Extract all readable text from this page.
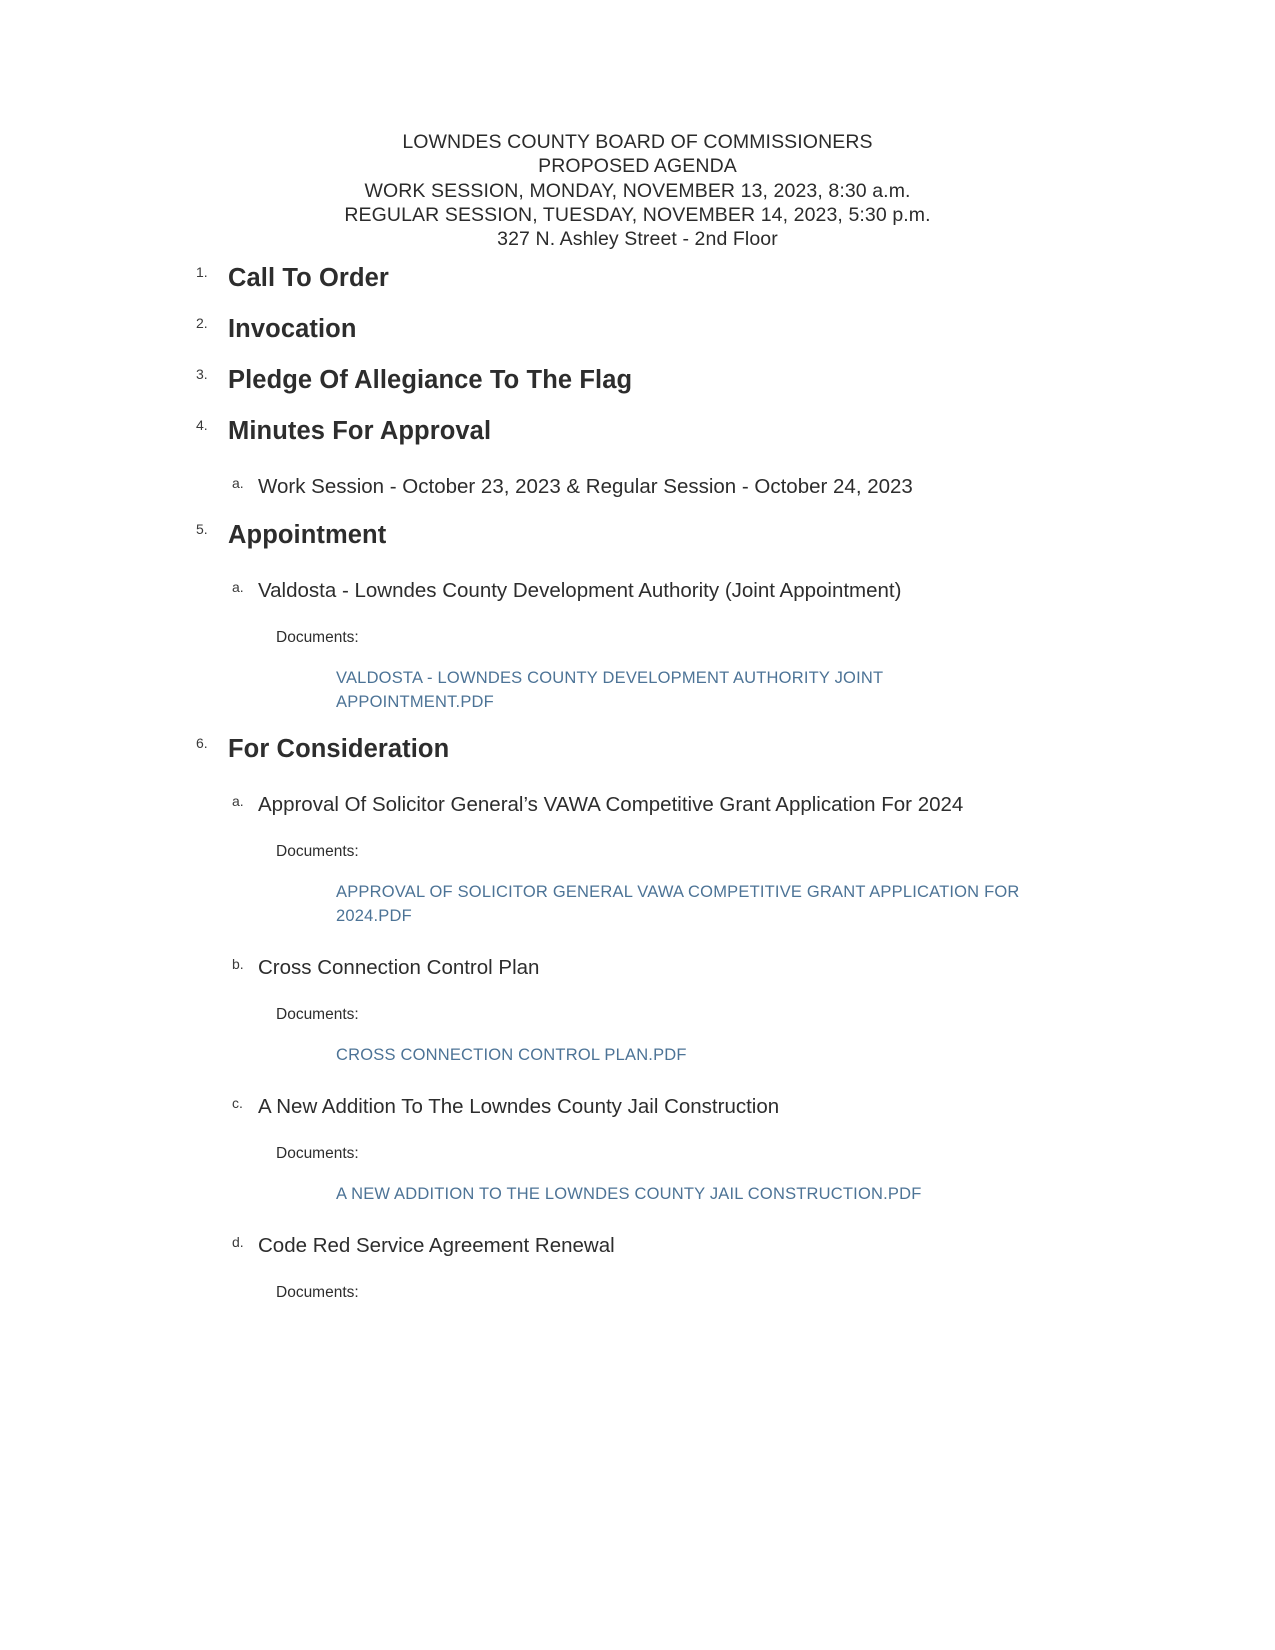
LOWNDES COUNTY BOARD OF COMMISSIONERS
PROPOSED AGENDA
WORK SESSION, MONDAY, NOVEMBER 13, 2023, 8:30 a.m.
REGULAR SESSION, TUESDAY, NOVEMBER 14, 2023, 5:30 p.m.
327 N. Ashley Street - 2nd Floor
1. Call To Order
2. Invocation
3. Pledge Of Allegiance To The Flag
4. Minutes For Approval
a. Work Session - October 23, 2023 & Regular Session - October 24, 2023
5. Appointment
a. Valdosta - Lowndes County Development Authority (Joint Appointment)
Documents:
VALDOSTA - LOWNDES COUNTY DEVELOPMENT AUTHORITY JOINT APPOINTMENT.PDF
6. For Consideration
a. Approval Of Solicitor General’s VAWA Competitive Grant Application For 2024
Documents:
APPROVAL OF SOLICITOR GENERAL VAWA COMPETITIVE GRANT APPLICATION FOR 2024.PDF
b. Cross Connection Control Plan
Documents:
CROSS CONNECTION CONTROL PLAN.PDF
c. A New Addition To The Lowndes County Jail Construction
Documents:
A NEW ADDITION TO THE LOWNDES COUNTY JAIL CONSTRUCTION.PDF
d. Code Red Service Agreement Renewal
Documents:
